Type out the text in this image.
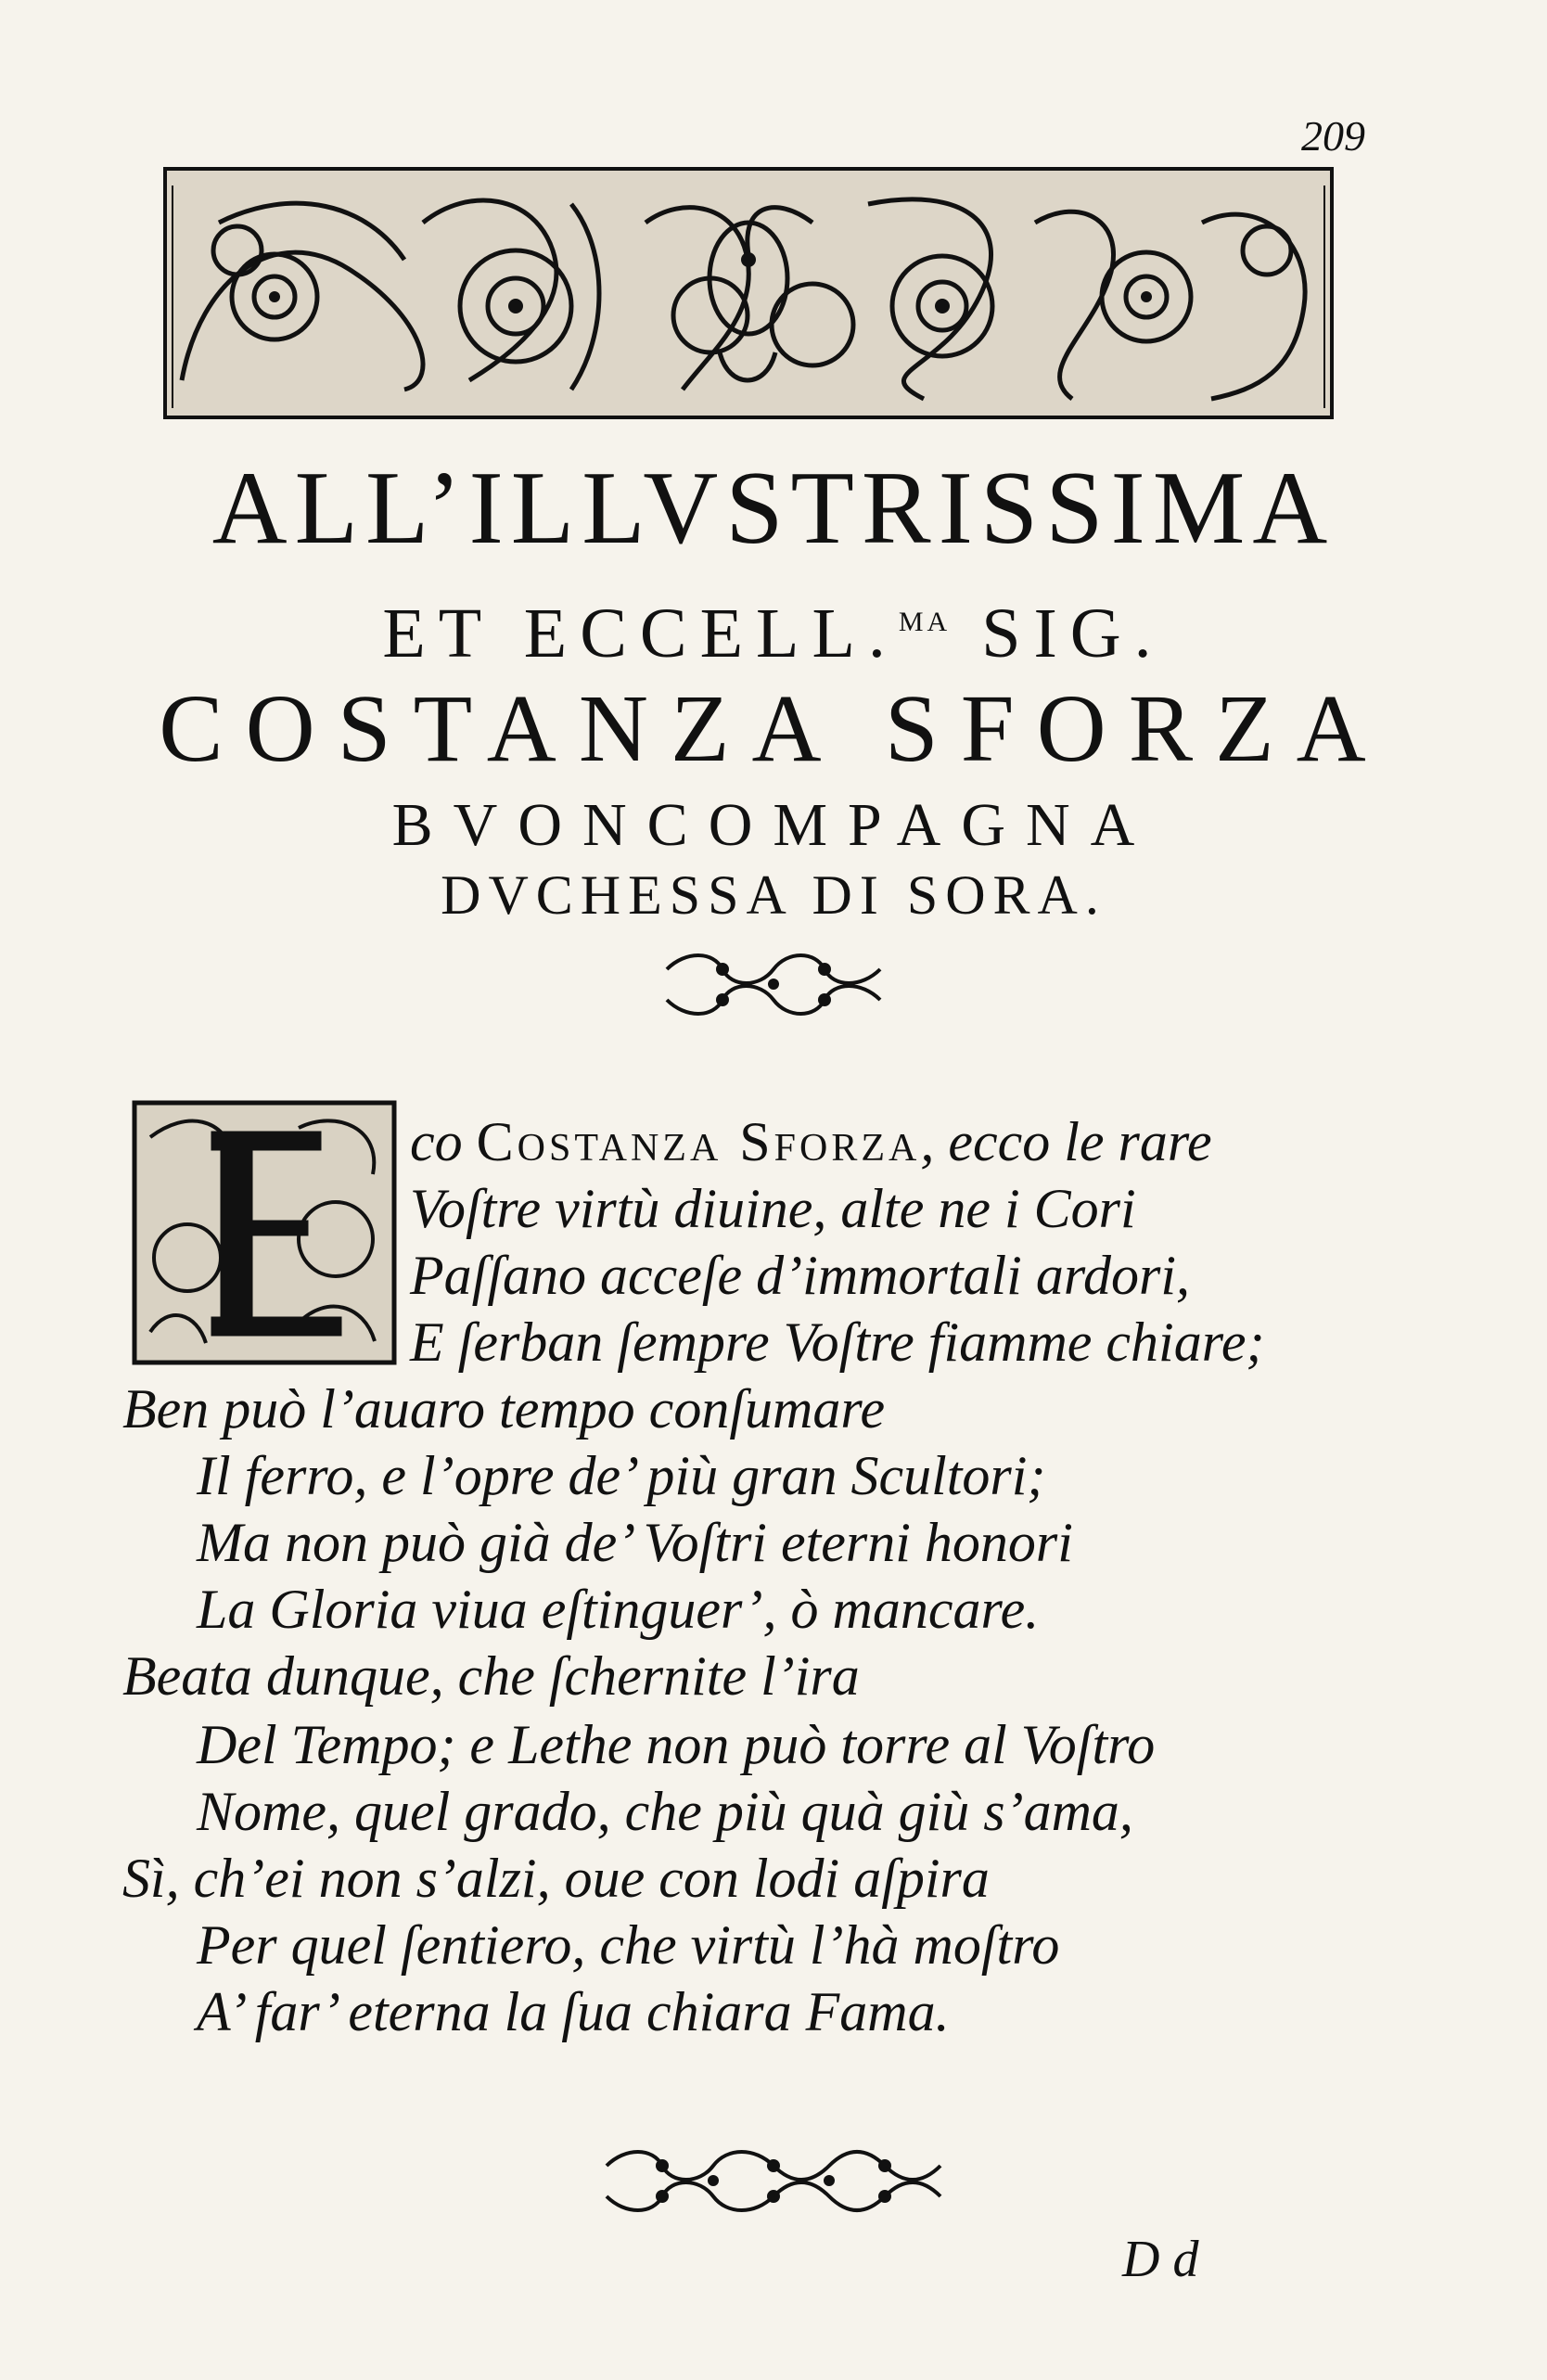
209
ALL’ILLVSTRISSIMA
ET ECCELL.$^{MA}$ SIG.
COSTANZA SFORZA
BVONCOMPAGNA
DVCHESSA DI SORA.
co Costanza Sforza, ecco le rare
Voſtre virtù diuine, alte ne i Cori
Paſſano acceſe d’immortali ardori,
E ſerban ſempre Voſtre fiamme chiare;
Ben può l’auaro tempo conſumare
Il ferro, e l’opre de’ più gran Scultori;
Ma non può già de’ Voſtri eterni honori
La Gloria viua eſtinguer’, ò mancare.
Beata dunque, che ſchernite l’ira
Del Tempo; e Lethe non può torre al Voſtro
Nome, quel grado, che più quà giù s’ama,
Sì, ch’ei non s’alzi, oue con lodi aſpira
Per quel ſentiero, che virtù l’hà moſtro
A’ far’ eterna la ſua chiara Fama.
D d
